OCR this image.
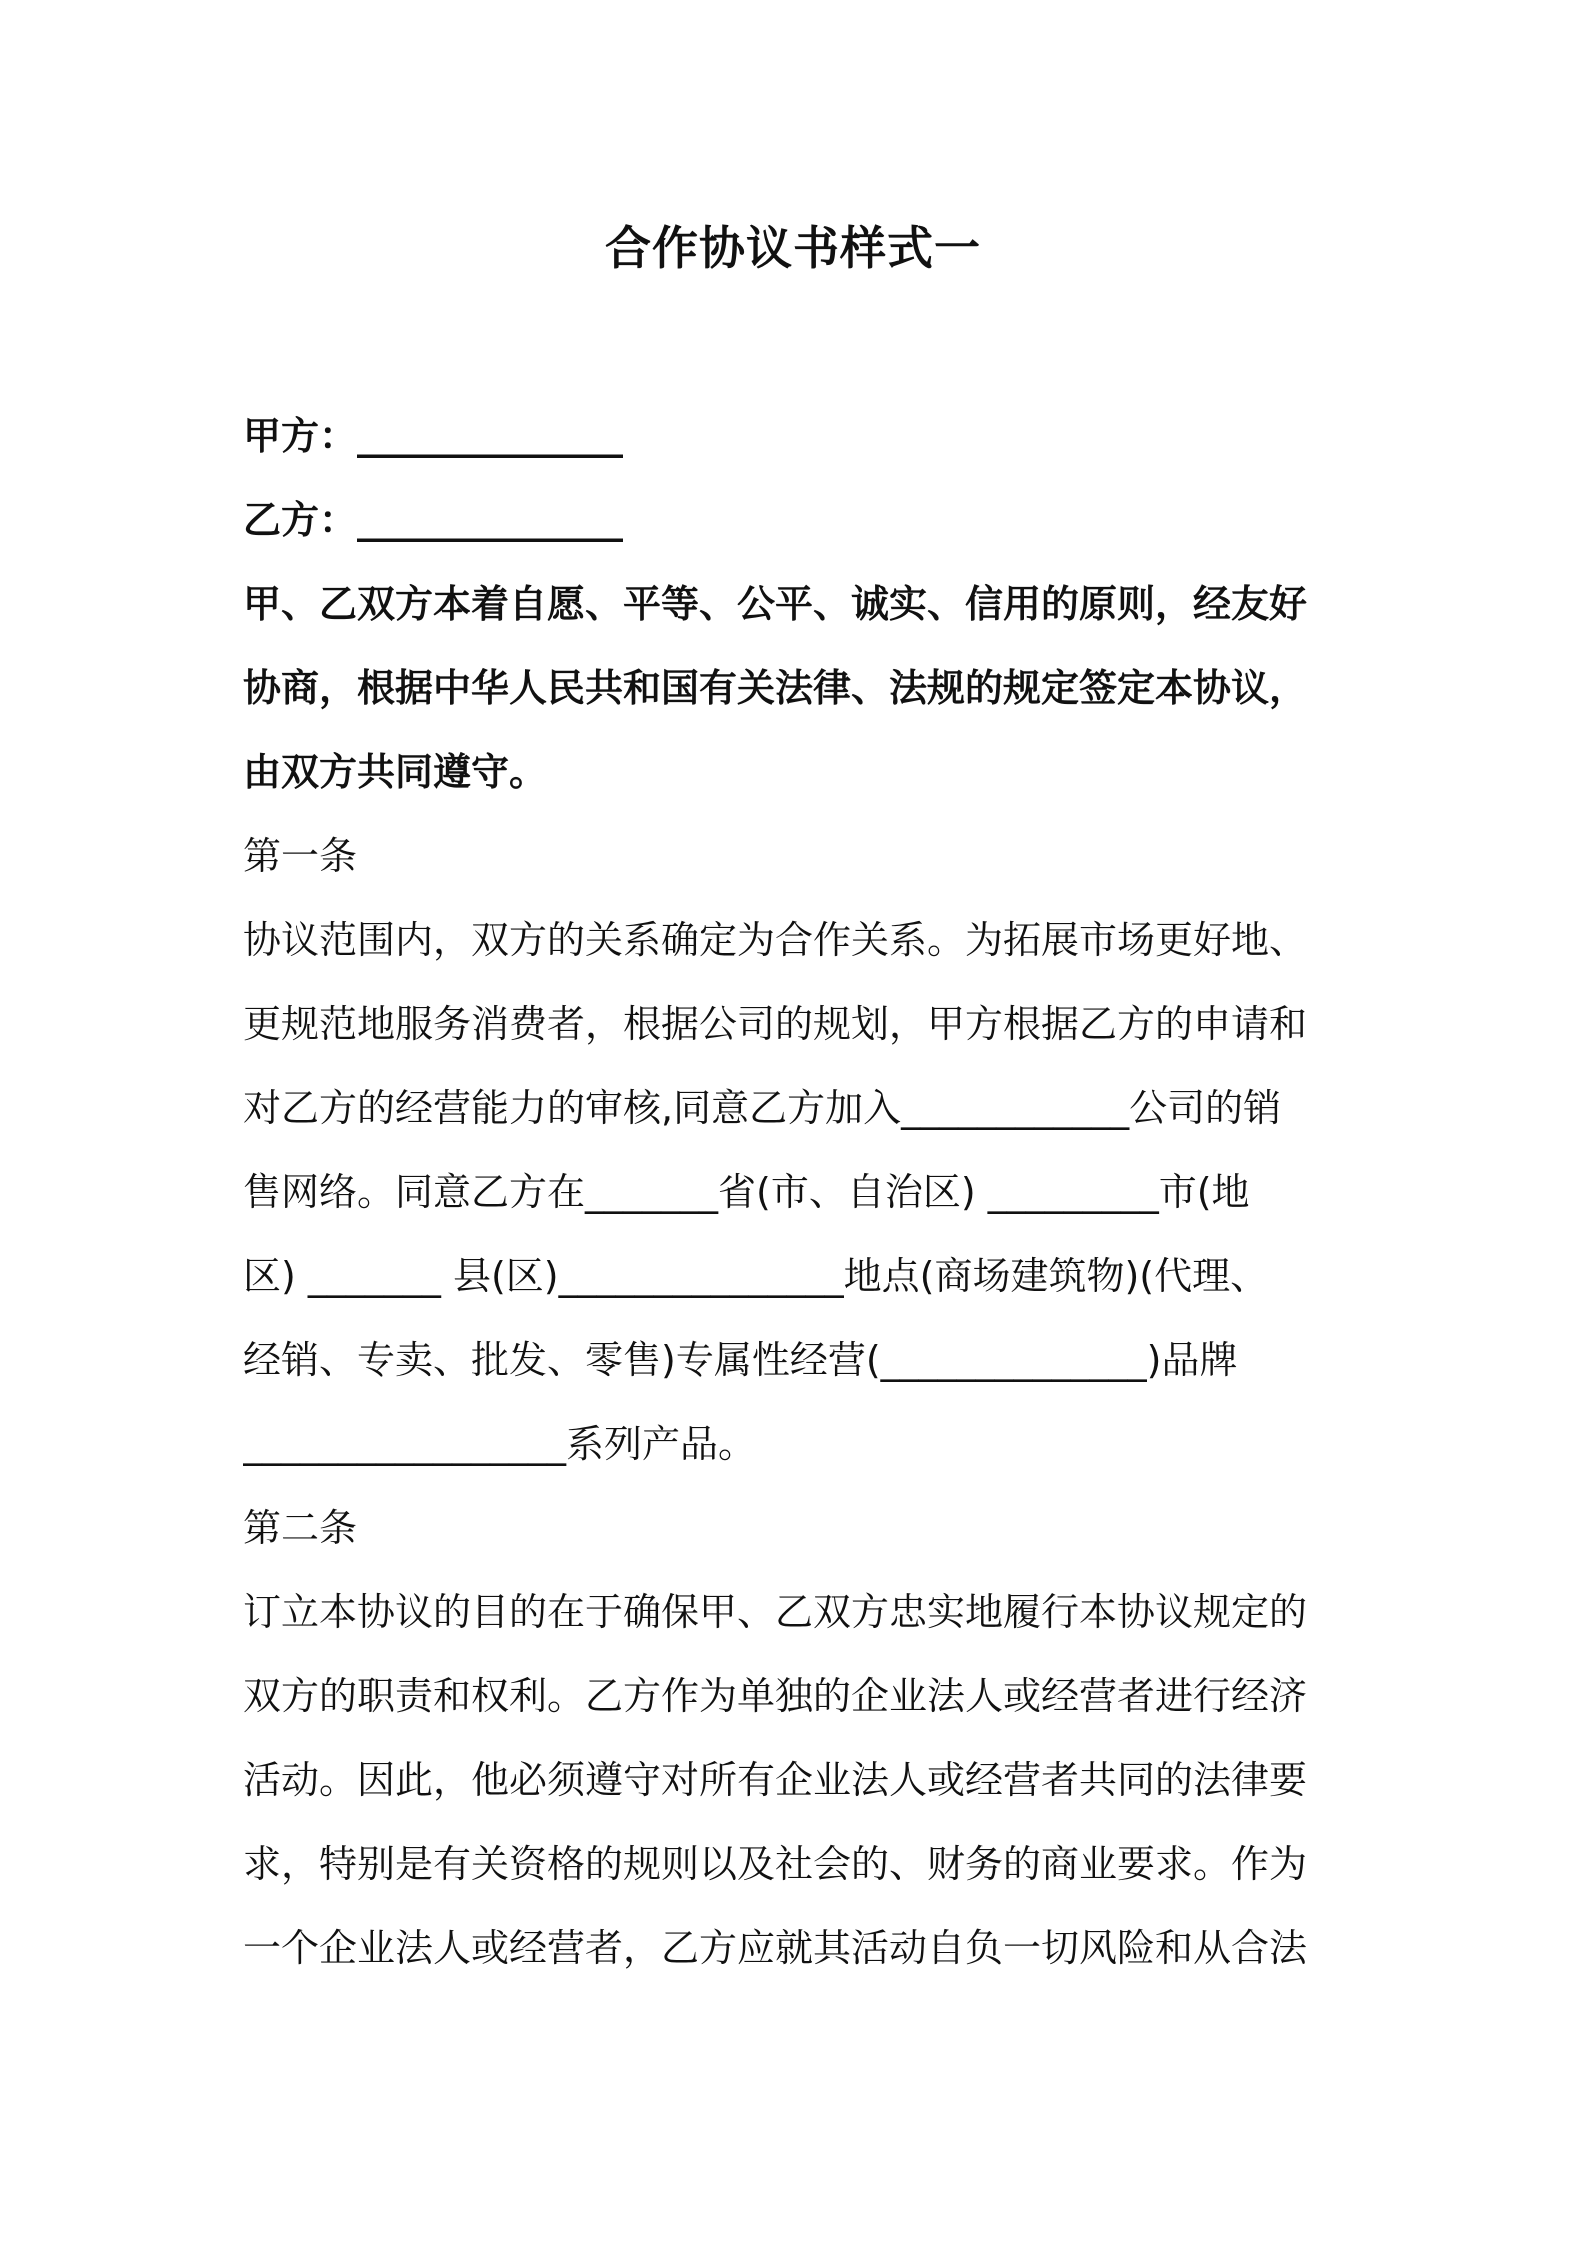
合作协议书样式一
甲方：______________
乙方：______________
甲、乙双方本着自愿、平等、公平、诚实、信用的原则，经友好
协商，根据中华人民共和国有关法律、法规的规定签定本协议，
由双方共同遵守。
第一条
协议范围内，双方的关系确定为合作关系。为拓展市场更好地、
更规范地服务消费者，根据公司的规划，甲方根据乙方的申请和
对乙方的经营能力的审核,同意乙方加入____________公司的销
售网络。同意乙方在_______省(市、自治区) _________市(地
区) _______ 县(区)_______________地点(商场建筑物)(代理、
经销、专卖、批发、零售)专属性经营(______________)品牌
_________________系列产品。
第二条
订立本协议的目的在于确保甲、乙双方忠实地履行本协议规定的
双方的职责和权利。乙方作为单独的企业法人或经营者进行经济
活动。因此，他必须遵守对所有企业法人或经营者共同的法律要
求，特别是有关资格的规则以及社会的、财务的商业要求。作为
一个企业法人或经营者，乙方应就其活动自负一切风险和从合法
